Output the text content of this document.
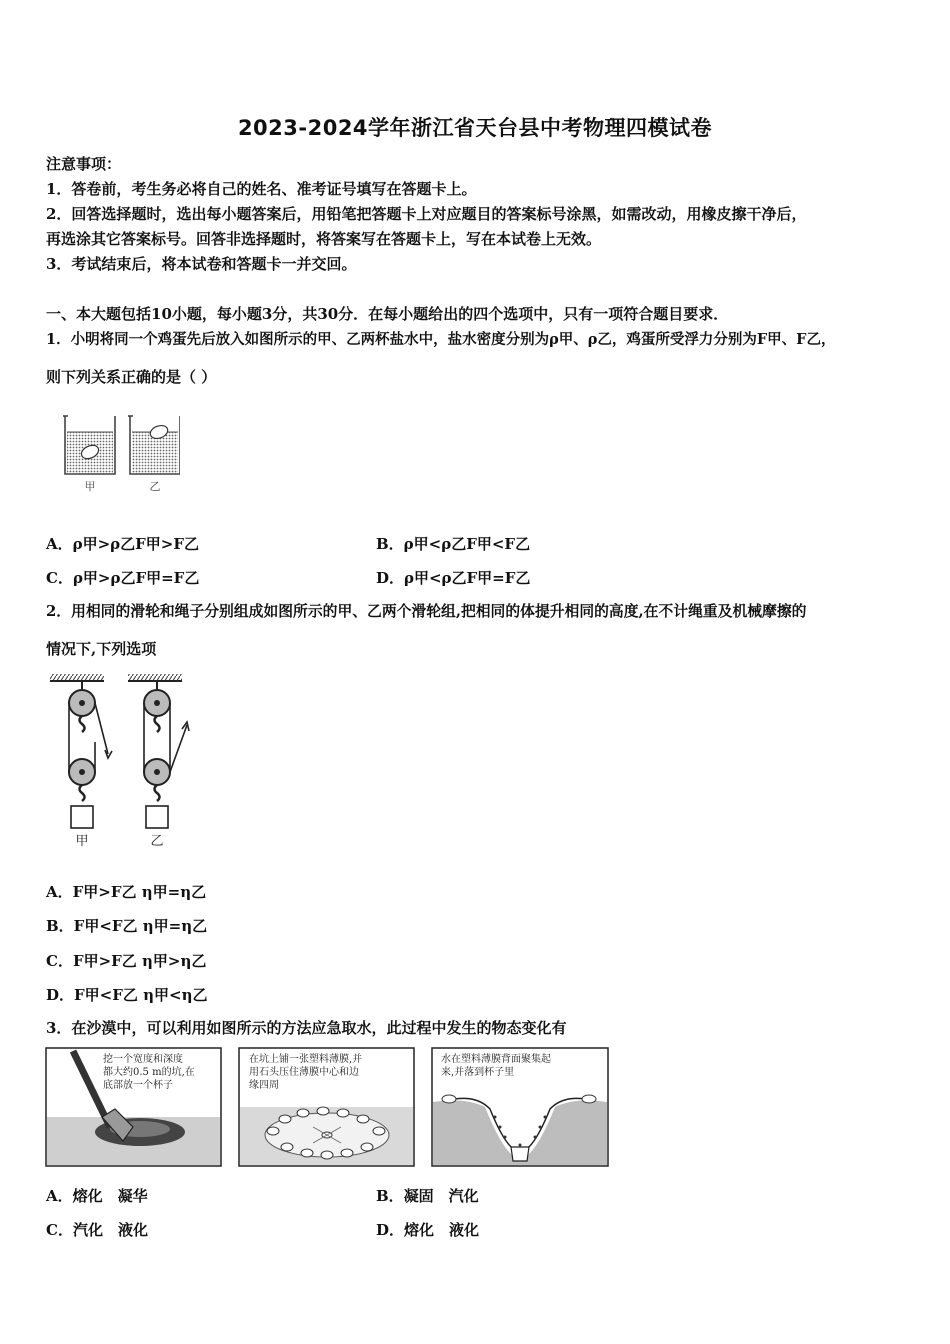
2023-2024学年浙江省天台县中考物理四模试卷
注意事项：
1．答卷前，考生务必将自己的姓名、准考证号填写在答题卡上。
2．回答选择题时，选出每小题答案后，用铅笔把答题卡上对应题目的答案标号涂黑，如需改动，用橡皮擦干净后，
再选涂其它答案标号。回答非选择题时，将答案写在答题卡上，写在本试卷上无效。
3．考试结束后，将本试卷和答题卡一并交回。
一、本大题包括10小题，每小题3分，共30分．在每小题给出的四个选项中，只有一项符合题目要求．
1．小明将同一个鸡蛋先后放入如图所示的甲、乙两杯盐水中，盐水密度分别为ρ甲、ρ乙，鸡蛋所受浮力分别为F甲、F乙，
则下列关系正确的是（ ）
甲	乙
A．ρ甲>ρ乙F甲>F乙	B．ρ甲<ρ乙F甲<F乙
C．ρ甲>ρ乙F甲=F乙	D．ρ甲<ρ乙F甲=F乙
2．用相同的滑轮和绳子分别组成如图所示的甲、乙两个滑轮组,把相同的体提升相同的高度,在不计绳重及机械摩擦的
情况下,下列选项
甲	乙
A．F甲>F乙 η甲=η乙
B．F甲<F乙 η甲=η乙
C．F甲>F乙 η甲>η乙
D．F甲<F乙 η甲<η乙
3．在沙漠中，可以利用如图所示的方法应急取水，此过程中发生的物态变化有
挖一个宽度和深度
都大约0.5 m的坑,在
底部放一个杯子
在坑上铺一张塑料薄膜,并
用石头压住薄膜中心和边
缘四周
水在塑料薄膜背面聚集起
来,并落到杯子里
A．熔化　凝华	B．凝固　汽化
C．汽化　液化	D．熔化　液化
